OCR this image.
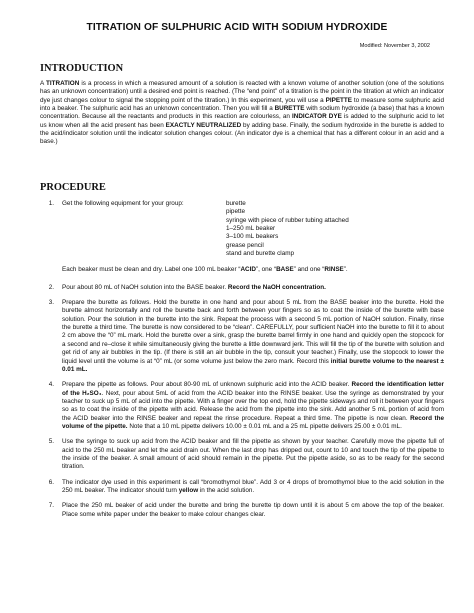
TITRATION OF SULPHURIC ACID WITH SODIUM HYDROXIDE
Modified: November 3, 2002
INTRODUCTION
A TITRATION is a process in which a measured amount of a solution is reacted with a known volume of another solution (one of the solutions has an unknown concentration) until a desired end point is reached. (The “end point” of a titration is the point in the titration at which an indicator dye just changes colour to signal the stopping point of the titration.) In this experiment, you will use a PIPETTE to measure some sulphuric acid into a beaker. The sulphuric acid has an unknown concentration. Then you will fill a BURETTE with sodium hydroxide (a base) that has a known concentration. Because all the reactants and products in this reaction are colourless, an INDICATOR DYE is added to the sulphuric acid to let us know when all the acid present has been EXACTLY NEUTRALIZED by adding base. Finally, the sodium hydroxide in the burette is added to the acid/indicator solution until the indicator solution changes colour. (An indicator dye is a chemical that has a different colour in an acid and a base.)
PROCEDURE
1.	Get the following equipment for your group:	burette
pipette
syringe with piece of rubber tubing attached
1–250 mL beaker
3–100 mL beakers
grease pencil
stand and burette clamp
Each beaker must be clean and dry. Label one 100 mL beaker “ACID”, one “BASE” and one “RINSE”.
2.	Pour about 80 mL of NaOH solution into the BASE beaker. Record the NaOH concentration.
3.	Prepare the burette as follows. Hold the burette in one hand and pour about 5 mL from the BASE beaker into the burette. Hold the burette almost horizontally and roll the burette back and forth between your fingers so as to coat the inside of the burette with base solution. Pour the solution in the burette into the sink. Repeat the process with a second 5 mL portion of NaOH solution. Finally, rinse the burette a third time. The burette is now considered to be “clean”. CAREFULLY, pour sufficient NaOH into the burette to fill it to about 2 cm above the “0” mL mark. Hold the burette over a sink, grasp the burette barrel firmly in one hand and quickly open the stopcock for a second and re–close it while simultaneously giving the burette a little downward jerk. This will fill the tip of the burette with solution and get rid of any air bubbles in the tip. (If there is still an air bubble in the tip, consult your teacher.) Finally, use the stopcock to lower the liquid level until the volume is at “0” mL (or some volume just below the zero mark. Record this initial burette volume to the nearest ± 0.01 mL.
4.	Prepare the pipette as follows. Pour about 80-90 mL of unknown sulphuric acid into the ACID beaker. Record the identification letter of the H₂SO₄. Next, pour about 5mL of acid from the ACID beaker into the RINSE beaker. Use the syringe as demonstrated by your teacher to suck up 5 mL of acid into the pipette. With a finger over the top end, hold the pipette sideways and roll it between your fingers so as to coat the inside of the pipette with acid. Release the acid from the pipette into the sink. Add another 5 mL portion of acid from the ACID beaker into the RINSE beaker and repeat the rinse procedure. Repeat a third time. The pipette is now clean. Record the volume of the pipette. Note that a 10 mL pipette delivers 10.00 ± 0.01 mL and a 25 mL pipette delivers 25.00 ± 0.01 mL.
5.	Use the syringe to suck up acid from the ACID beaker and fill the pipette as shown by your teacher. Carefully move the pipette full of acid to the 250 mL beaker and let the acid drain out. When the last drop has dripped out, count to 10 and touch the tip of the pipette to the inside of the beaker. A small amount of acid should remain in the pipette. Put the pipette aside, so as to be ready for the second titration.
6.	The indicator dye used in this experiment is call “bromothymol blue”. Add 3 or 4 drops of bromothymol blue to the acid solution in the 250 mL beaker. The indicator should turn yellow in the acid solution.
7.	Place the 250 mL beaker of acid under the burette and bring the burette tip down until it is about 5 cm above the top of the beaker. Place some white paper under the beaker to make colour changes clear.
